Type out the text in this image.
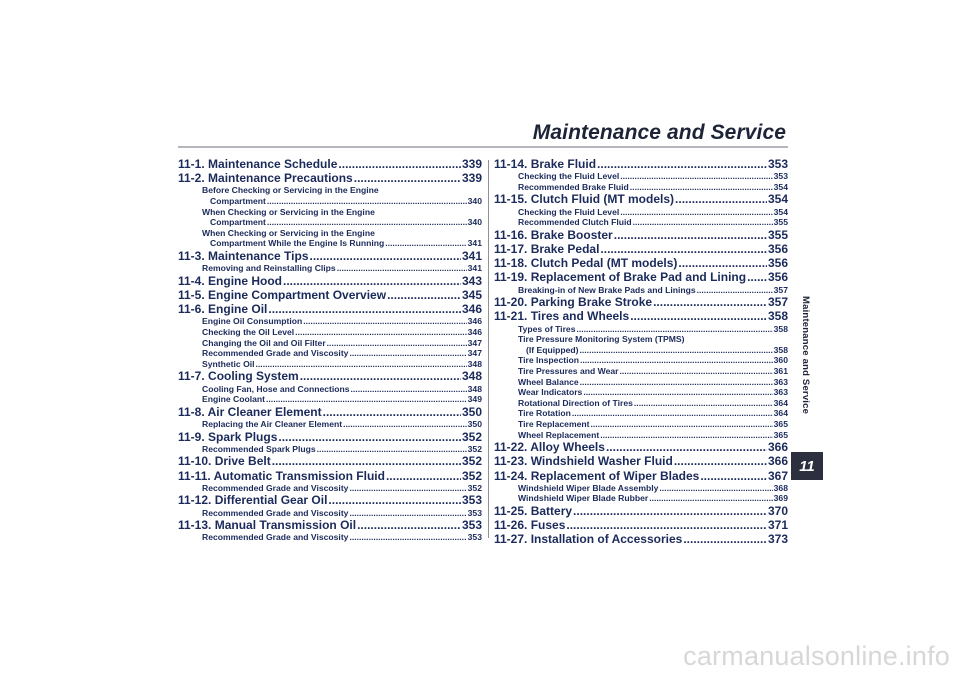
Maintenance and Service
11-1. Maintenance Schedule .....	339
11-2. Maintenance Precautions .....	339
Before Checking or Servicing in the Engine
Compartment .....	340
When Checking or Servicing in the Engine
Compartment .....	340
When Checking or Servicing in the Engine
Compartment While the Engine Is Running .....	341
11-3. Maintenance Tips .....	341
Removing and Reinstalling Clips .....	341
11-4. Engine Hood .....	343
11-5. Engine Compartment Overview .....	345
11-6. Engine Oil .....	346
Engine Oil Consumption .....	346
Checking the Oil Level .....	346
Changing the Oil and Oil Filter .....	347
Recommended Grade and Viscosity .....	347
Synthetic Oil .....	348
11-7. Cooling System .....	348
Cooling Fan, Hose and Connections .....	348
Engine Coolant .....	349
11-8. Air Cleaner Element .....	350
Replacing the Air Cleaner Element .....	350
11-9. Spark Plugs .....	352
Recommended Spark Plugs .....	352
11-10. Drive Belt .....	352
11-11. Automatic Transmission Fluid .....	352
Recommended Grade and Viscosity .....	352
11-12. Differential Gear Oil .....	353
Recommended Grade and Viscosity .....	353
11-13. Manual Transmission Oil .....	353
Recommended Grade and Viscosity .....	353
11-14. Brake Fluid .....	353
Checking the Fluid Level .....	353
Recommended Brake Fluid .....	354
11-15. Clutch Fluid (MT models) .....	354
Checking the Fluid Level .....	354
Recommended Clutch Fluid .....	355
11-16. Brake Booster .....	355
11-17. Brake Pedal .....	356
11-18. Clutch Pedal (MT models) .....	356
11-19. Replacement of Brake Pad and Lining ..... 356
Breaking-in of New Brake Pads and Linings .....	357
11-20. Parking Brake Stroke .....	357
11-21. Tires and Wheels .....	358
Types of Tires .....	358
Tire Pressure Monitoring System (TPMS)
(If Equipped) .....	358
Tire Inspection .....	360
Tire Pressures and Wear .....	361
Wheel Balance .....	363
Wear Indicators .....	363
Rotational Direction of Tires .....	364
Tire Rotation .....	364
Tire Replacement .....	365
Wheel Replacement .....	365
11-22. Alloy Wheels .....	366
11-23. Windshield Washer Fluid .....	366
11-24. Replacement of Wiper Blades .....	367
Windshield Wiper Blade Assembly .....	368
Windshield Wiper Blade Rubber .....	369
11-25. Battery .....	370
11-26. Fuses .....	371
11-27. Installation of Accessories .....	373
Maintenance and Service
11
carmanualsonline.info
